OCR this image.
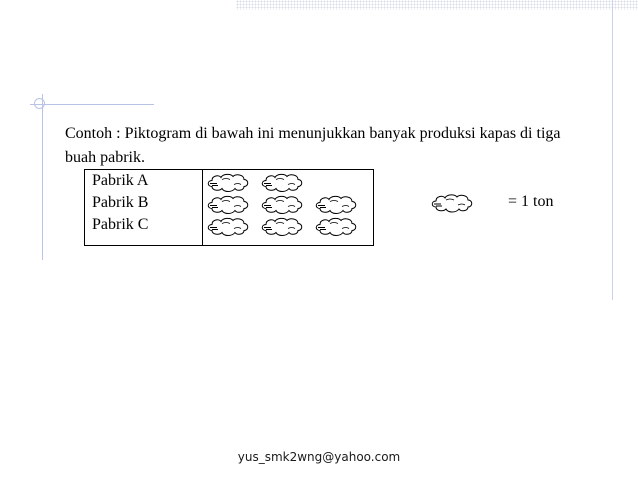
Contoh : Piktogram di bawah ini menunjukkan banyak produksi kapas di tiga buah pabrik.
Pabrik A
Pabrik B
Pabrik C
= 1 ton
yus_smk2wng@yahoo.com
